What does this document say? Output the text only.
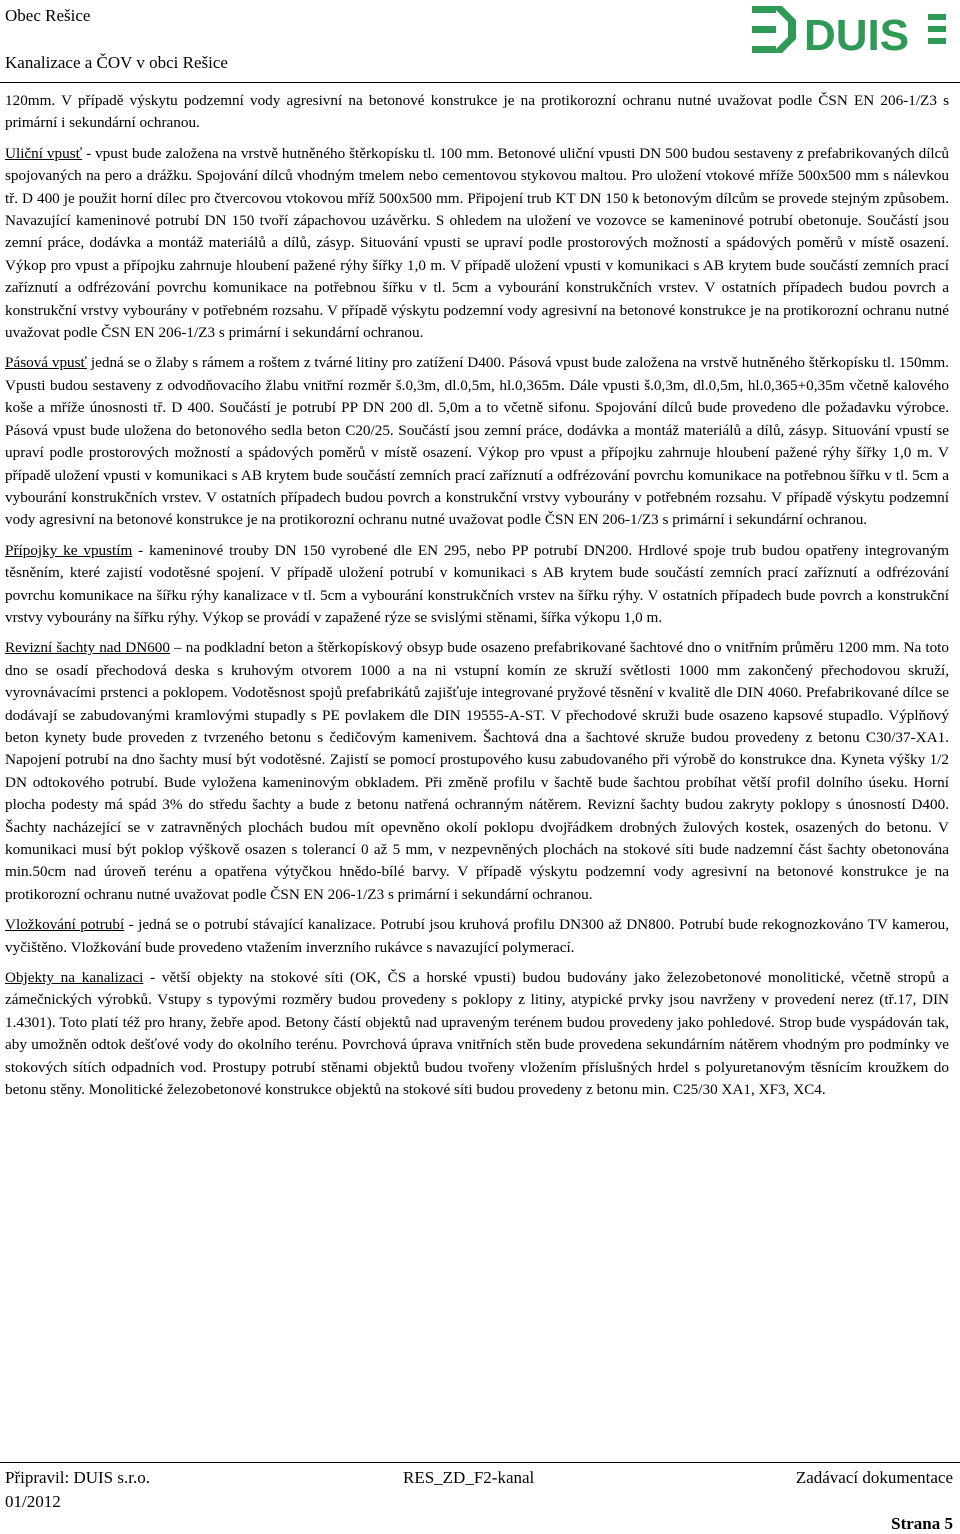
Obec Rešice
Kanalizace a ČOV v obci Rešice
DUIS

120mm. V případě výskytu podzemní vody agresivní na betonové konstrukce je na protikorozní ochranu nutné uvažovat podle ČSN EN 206-1/Z3 s primární i sekundární ochranou.

Uliční vpusť - vpust bude založena na vrstvě hutněného štěrkopísku tl. 100 mm. Betonové uliční vpusti DN 500 budou sestaveny z prefabrikovaných dílců spojovaných na pero a drážku. Spojování dílců vhodným tmelem nebo cementovou stykovou maltou. Pro uložení vtokové mříže 500x500 mm s nálevkou tř. D 400 je použit horní dílec pro čtvercovou vtokovou mříž 500x500 mm. Připojení trub KT DN 150 k betonovým dílcům se provede stejným způsobem. Navazující kameninové potrubí DN 150 tvoří zápachovou uzávěrku. S ohledem na uložení ve vozovce se kameninové potrubí obetonuje. Součástí jsou zemní práce, dodávka a montáž materiálů a dílů, zásyp. Situování vpusti se upraví podle prostorových možností a spádových poměrů v místě osazení. Výkop pro vpust a přípojku zahrnuje hloubení pažené rýhy šířky 1,0 m. V případě uložení vpusti v komunikaci s AB krytem bude součástí zemních prací zaříznutí a odfrézování povrchu komunikace na potřebnou šířku v tl. 5cm a vybourání konstrukčních vrstev. V ostatních případech budou povrch a konstrukční vrstvy vybourány v potřebném rozsahu. V případě výskytu podzemní vody agresivní na betonové konstrukce je na protikorozní ochranu nutné uvažovat podle ČSN EN 206-1/Z3 s primární i sekundární ochranou.

Pásová vpusť jedná se o žlaby s rámem a roštem z tvárné litiny pro zatížení D400. Pásová vpust bude založena na vrstvě hutněného štěrkopísku tl. 150mm. Vpusti budou sestaveny z odvodňovacího žlabu vnitřní rozměr š.0,3m, dl.0,5m, hl.0,365m. Dále vpusti š.0,3m, dl.0,5m, hl.0,365+0,35m včetně kalového koše a mříže únosnosti tř. D 400. Součástí je potrubí PP DN 200 dl. 5,0m a to včetně sifonu. Spojování dílců bude provedeno dle požadavku výrobce. Pásová vpust bude uložena do betonového sedla beton C20/25. Součástí jsou zemní práce, dodávka a montáž materiálů a dílů, zásyp. Situování vpustí se upraví podle prostorových možností a spádových poměrů v místě osazení. Výkop pro vpust a přípojku zahrnuje hloubení pažené rýhy šířky 1,0 m. V případě uložení vpusti v komunikaci s AB krytem bude součástí zemních prací zaříznutí a odfrézování povrchu komunikace na potřebnou šířku v tl. 5cm a vybourání konstrukčních vrstev. V ostatních případech budou povrch a konstrukční vrstvy vybourány v potřebném rozsahu. V případě výskytu podzemní vody agresivní na betonové konstrukce je na protikorozní ochranu nutné uvažovat podle ČSN EN 206-1/Z3 s primární i sekundární ochranou.

Přípojky ke vpustím - kameninové trouby DN 150 vyrobené dle EN 295, nebo PP potrubí DN200. Hrdlové spoje trub budou opatřeny integrovaným těsněním, které zajistí vodotěsné spojení. V případě uložení potrubí v komunikaci s AB krytem bude součástí zemních prací zaříznutí a odfrézování povrchu komunikace na šířku rýhy kanalizace v tl. 5cm a vybourání konstrukčních vrstev na šířku rýhy. V ostatních případech bude povrch a konstrukční vrstvy vybourány na šířku rýhy. Výkop se provádí v zapažené rýze se svislými stěnami, šířka výkopu 1,0 m.

Revizní šachty nad DN600 – na podkladní beton a štěrkopískový obsyp bude osazeno prefabrikované šachtové dno o vnitřním průměru 1200 mm. Na toto dno se osadí přechodová deska s kruhovým otvorem 1000 a na ni vstupní komín ze skruží světlosti 1000 mm zakončený přechodovou skruží, vyrovnávacími prstenci a poklopem. Vodotěsnost spojů prefabrikátů zajišťuje integrované pryžové těsnění v kvalitě dle DIN 4060. Prefabrikované dílce se dodávají se zabudovanými kramlovými stupadly s PE povlakem dle DIN 19555-A-ST. V přechodové skruži bude osazeno kapsové stupadlo. Výplňový beton kynety bude proveden z tvrzeného betonu s čedičovým kamenivem. Šachtová dna a šachtové skruže budou provedeny z betonu C30/37-XA1. Napojení potrubí na dno šachty musí být vodotěsné. Zajistí se pomocí prostupového kusu zabudovaného při výrobě do konstrukce dna. Kyneta výšky 1/2 DN odtokového potrubí. Bude vyložena kameninovým obkladem. Při změně profilu v šachtě bude šachtou probíhat větší profil dolního úseku. Horní plocha podesty má spád 3% do středu šachty a bude z betonu natřená ochranným nátěrem. Revizní šachty budou zakryty poklopy s únosností D400. Šachty nacházející se v zatravněných plochách budou mít opevněno okolí poklopu dvojřádkem drobných žulových kostek, osazených do betonu. V komunikaci musí být poklop výškově osazen s tolerancí 0 až 5 mm, v nezpevněných plochách na stokové síti bude nadzemní část šachty obetonována min.50cm nad úroveň terénu a opatřena výtyčkou hnědo-bílé barvy. V případě výskytu podzemní vody agresivní na betonové konstrukce je na protikorozní ochranu nutné uvažovat podle ČSN EN 206-1/Z3 s primární i sekundární ochranou.

Vložkování potrubí - jedná se o potrubí stávající kanalizace. Potrubí jsou kruhová profilu DN300 až DN800. Potrubí bude rekognozkováno TV kamerou, vyčištěno. Vložkování bude provedeno vtažením inverzního rukávce s navazující polymerací.

Objekty na kanalizaci - větší objekty na stokové síti (OK, ČS a horské vpusti) budou budovány jako železobetonové monolitické, včetně stropů a zámečnických výrobků. Vstupy s typovými rozměry budou provedeny s poklopy z litiny, atypické prvky jsou navrženy v provedení nerez (tř.17, DIN 1.4301). Toto platí též pro hrany, žebře apod. Betony částí objektů nad upraveným terénem budou provedeny jako pohledové. Strop bude vyspádován tak, aby umožněn odtok dešťové vody do okolního terénu. Povrchová úprava vnitřních stěn bude provedena sekundárním nátěrem vhodným pro podmínky ve stokových sítích odpadních vod. Prostupy potrubí stěnami objektů budou tvořeny vložením příslušných hrdel s polyuretanovým těsnícím kroužkem do betonu stěny. Monolitické železobetonové konstrukce objektů na stokové síti budou provedeny z betonu min. C25/30 XA1, XF3, XC4.

Připravil: DUIS s.r.o.
01/2012
RES_ZD_F2-kanal	Zadávací dokumentace
Strana 5
